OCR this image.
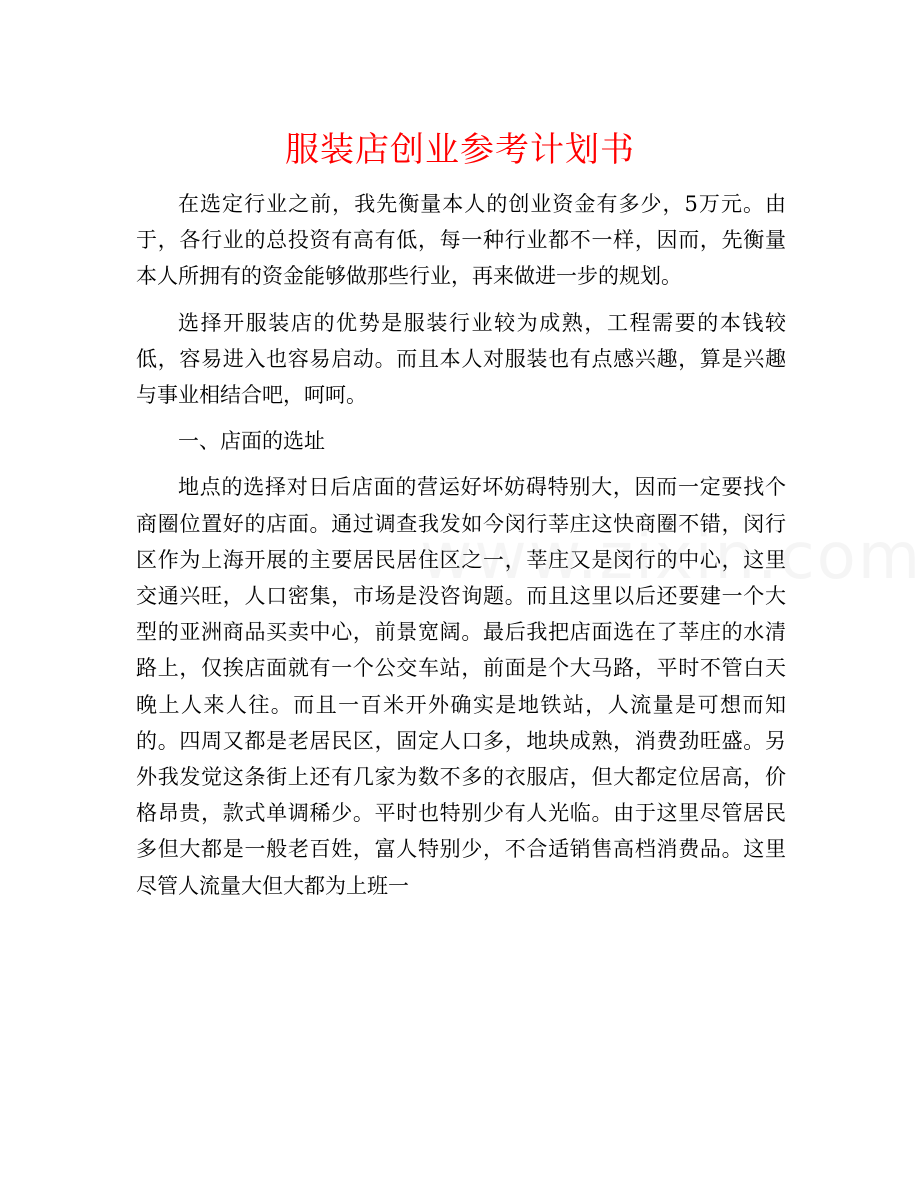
服装店创业参考计划书

在选定行业之前，我先衡量本人的创业资金有多少，5万元。由于，各行业的总投资有高有低，每一种行业都不一样，因而，先衡量本人所拥有的资金能够做那些行业，再来做进一步的规划。

选择开服装店的优势是服装行业较为成熟，工程需要的本钱较低，容易进入也容易启动。而且本人对服装也有点感兴趣，算是兴趣与事业相结合吧，呵呵。

一、店面的选址

地点的选择对日后店面的营运好坏妨碍特别大，因而一定要找个商圈位置好的店面。通过调查我发如今闵行莘庄这快商圈不错，闵行区作为上海开展的主要居民居住区之一，莘庄又是闵行的中心，这里交通兴旺，人口密集，市场是没咨询题。而且这里以后还要建一个大型的亚洲商品买卖中心，前景宽阔。最后我把店面选在了莘庄的水清路上，仅挨店面就有一个公交车站，前面是个大马路，平时不管白天晚上人来人往。而且一百米开外确实是地铁站，人流量是可想而知的。四周又都是老居民区，固定人口多，地块成熟，消费劲旺盛。另外我发觉这条街上还有几家为数不多的衣服店，但大都定位居高，价格昂贵，款式单调稀少。平时也特别少有人光临。由于这里尽管居民多但大都是一般老百姓，富人特别少，不合适销售高档消费品。这里尽管人流量大但大都为上班一
